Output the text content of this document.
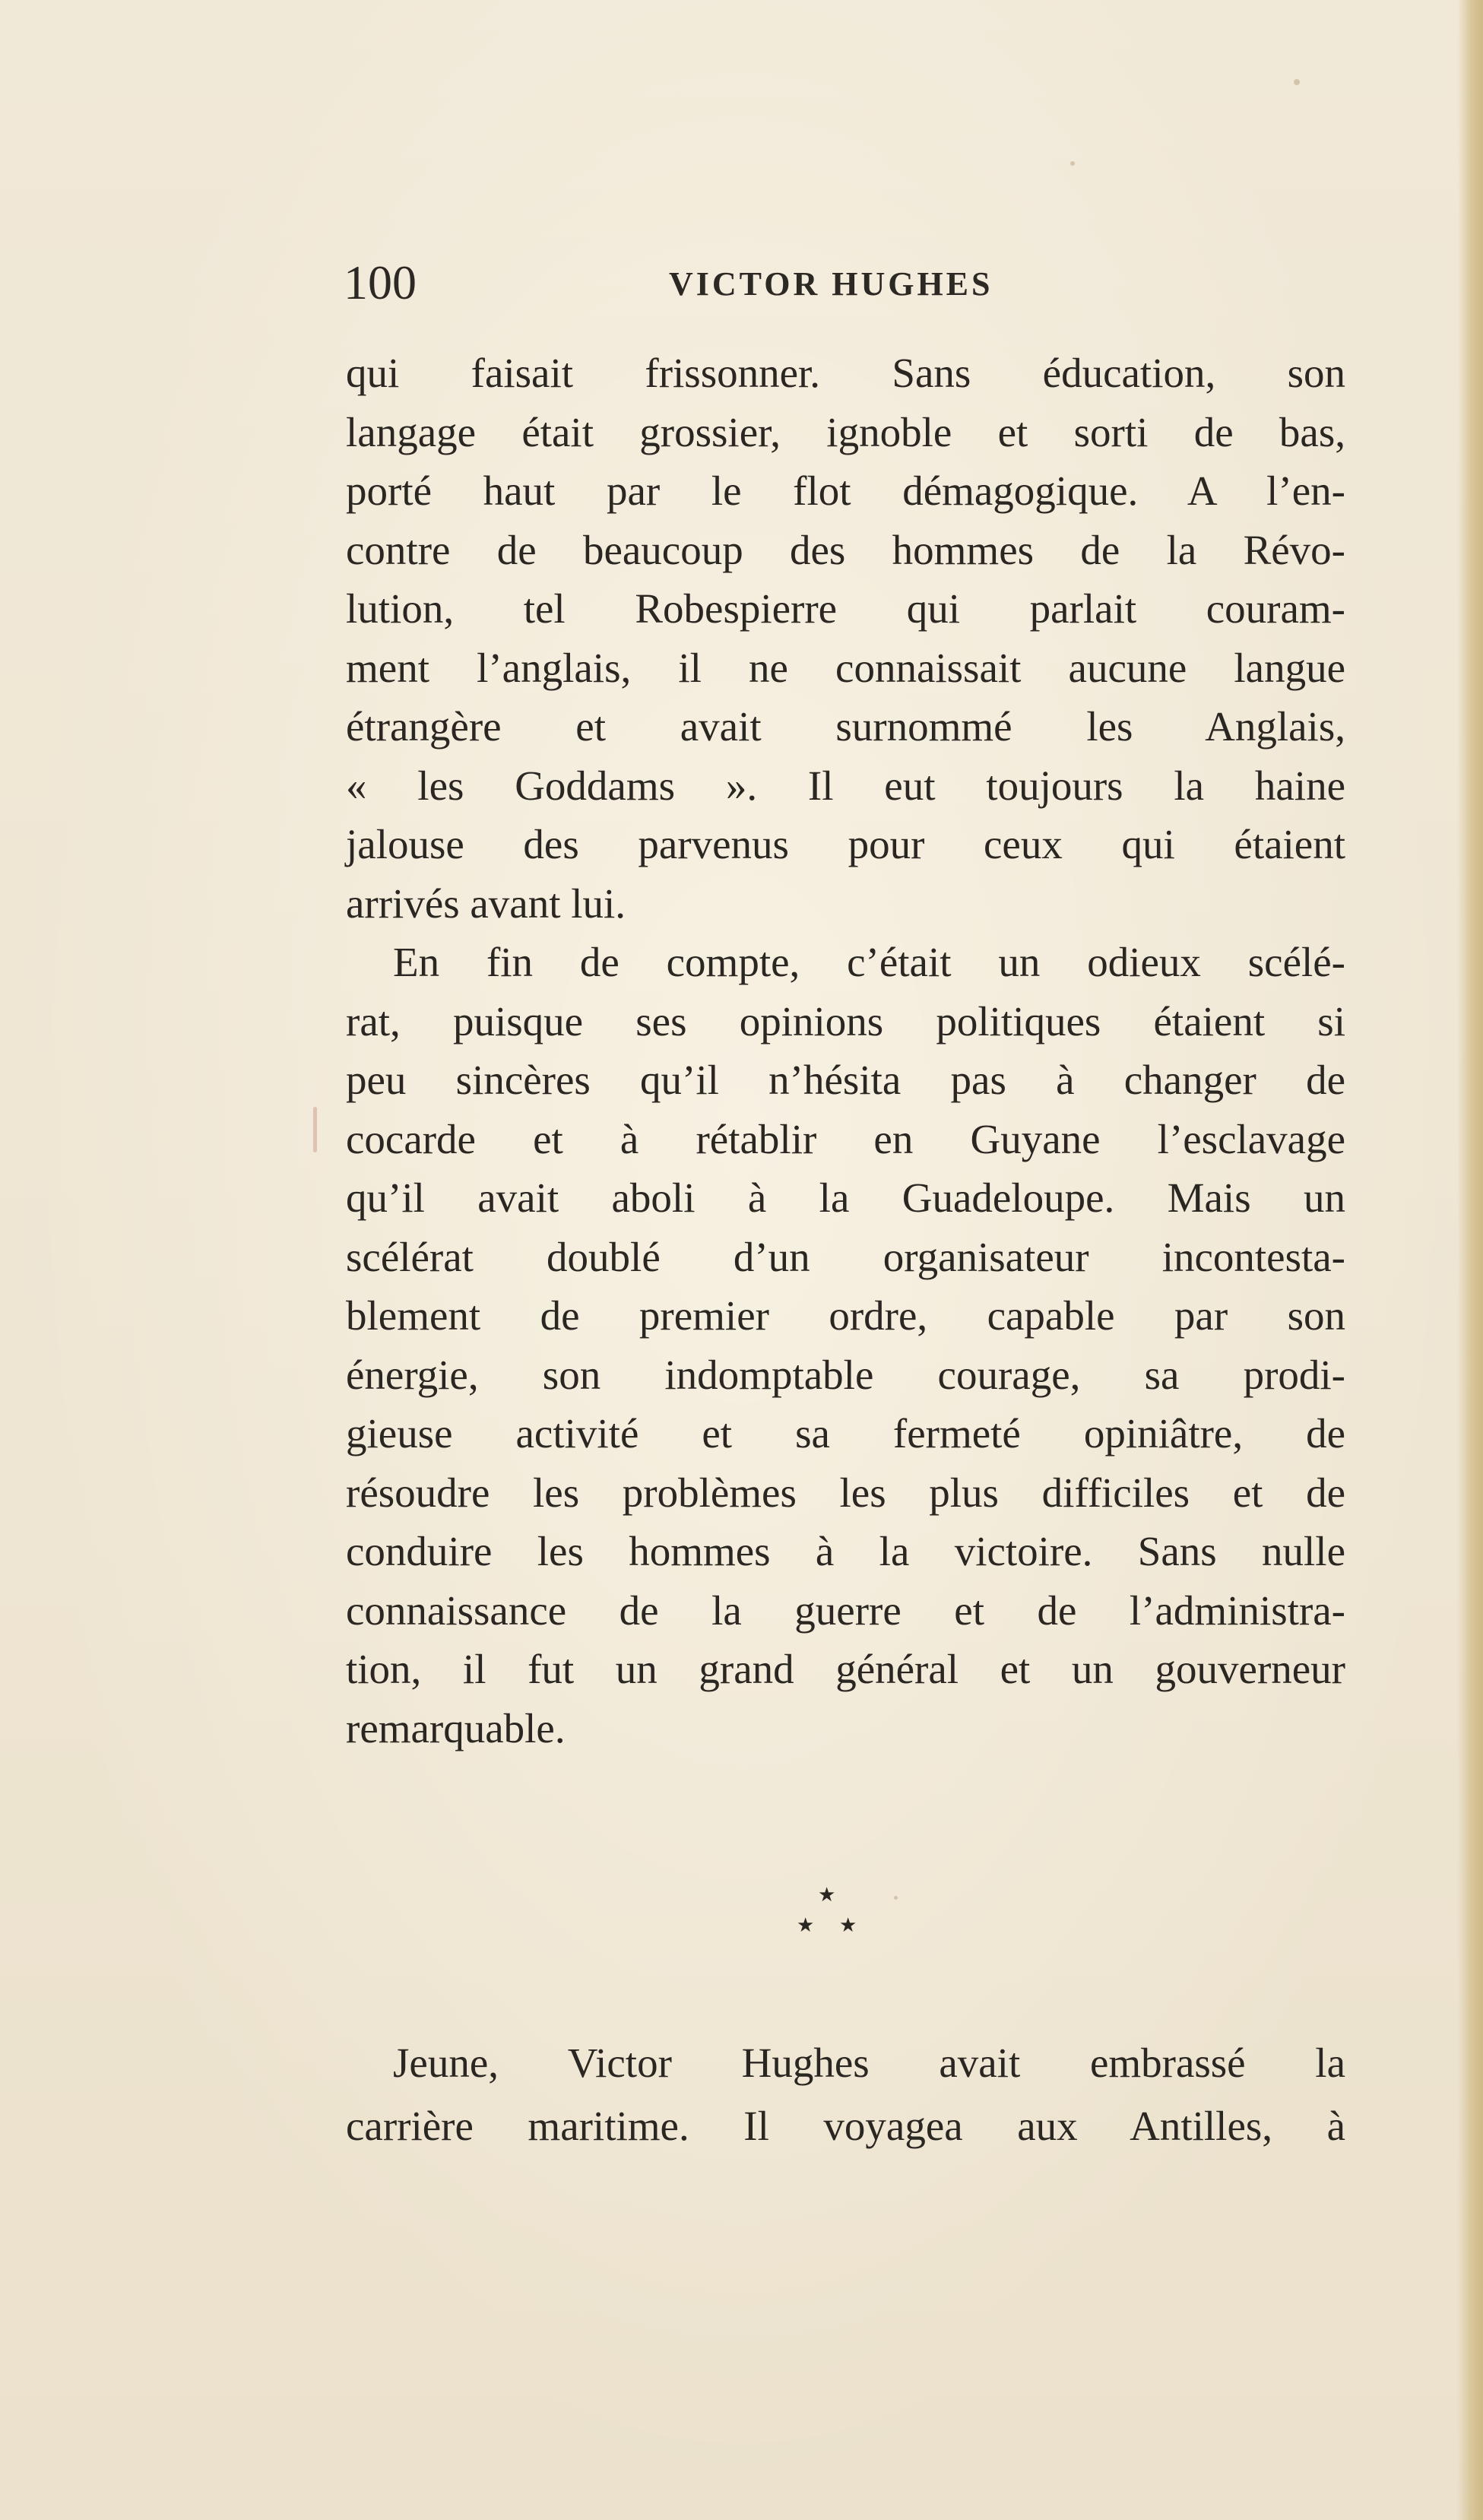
100	VICTOR HUGHES
qui faisait frissonner. Sans éducation, son
langage était grossier, ignoble et sorti de bas,
porté haut par le flot démagogique. A l’en-
contre de beaucoup des hommes de la Révo-
lution, tel Robespierre qui parlait couram-
ment l’anglais, il ne connaissait aucune langue
étrangère et avait surnommé les Anglais,
« les Goddams ». Il eut toujours la haine
jalouse des parvenus pour ceux qui étaient
arrivés avant lui.
En fin de compte, c’était un odieux scélé-
rat, puisque ses opinions politiques étaient si
peu sincères qu’il n’hésita pas à changer de
cocarde et à rétablir en Guyane l’esclavage
qu’il avait aboli à la Guadeloupe. Mais un
scélérat doublé d’un organisateur incontesta-
blement de premier ordre, capable par son
énergie, son indomptable courage, sa prodi-
gieuse activité et sa fermeté opiniâtre, de
résoudre les problèmes les plus difficiles et de
conduire les hommes à la victoire. Sans nulle
connaissance de la guerre et de l’administra-
tion, il fut un grand général et un gouverneur
remarquable.
★
★ ★
Jeune, Victor Hughes avait embrassé la
carrière maritime. Il voyagea aux Antilles, à
